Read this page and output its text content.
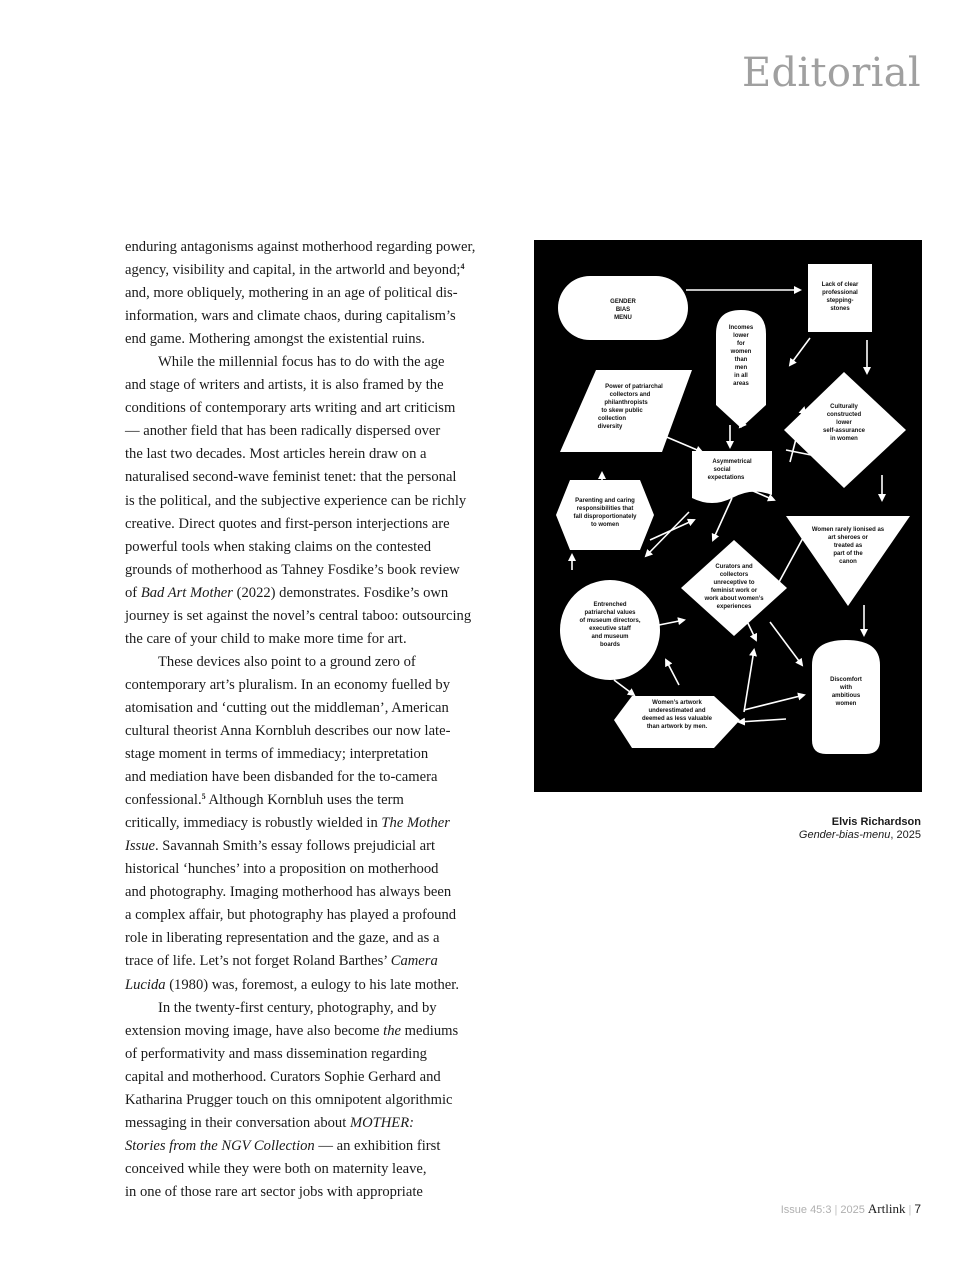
Editorial
enduring antagonisms against motherhood regarding power,
agency, visibility and capital, in the artworld and beyond;$^4$
and, more obliquely, mothering in an age of political dis-
information, wars and climate chaos, during capitalism’s
end game. Mothering amongst the existential ruins.
While the millennial focus has to do with the age
and stage of writers and artists, it is also framed by the
conditions of contemporary arts writing and art criticism
— another field that has been radically dispersed over
the last two decades. Most articles herein draw on a
naturalised second-wave feminist tenet: that the personal
is the political, and the subjective experience can be richly
creative. Direct quotes and first-person interjections are
powerful tools when staking claims on the contested
grounds of motherhood as Tahney Fosdike’s book review
of Bad Art Mother (2022) demonstrates. Fosdike’s own
journey is set against the novel’s central taboo: outsourcing
the care of your child to make more time for art.
These devices also point to a ground zero of
contemporary art’s pluralism. In an economy fuelled by
atomisation and ‘cutting out the middleman’, American
cultural theorist Anna Kornbluh describes our now late-
stage moment in terms of immediacy; interpretation
and mediation have been disbanded for the to-camera
confessional.$^5$ Although Kornbluh uses the term
critically, immediacy is robustly wielded in The Mother
Issue. Savannah Smith’s essay follows prejudicial art
historical ‘hunches’ into a proposition on motherhood
and photography. Imaging motherhood has always been
a complex affair, but photography has played a profound
role in liberating representation and the gaze, and as a
trace of life. Let’s not forget Roland Barthes’ Camera
Lucida (1980) was, foremost, a eulogy to his late mother.
In the twenty-first century, photography, and by
extension moving image, have also become the mediums
of performativity and mass dissemination regarding
capital and motherhood. Curators Sophie Gerhard and
Katharina Prugger touch on this omnipotent algorithmic
messaging in their conversation about MOTHER:
Stories from the NGV Collection — an exhibition first
conceived while they were both on maternity leave,
in one of those rare art sector jobs with appropriate
GENDER BIAS MENU
Lack of clear professional stepping-stones
Incomes lower for women than men in all areas
Power of patriarchal collectors and philanthropists to skew public collection diversity
Culturally constructed lower self-assurance in women
Asymmetrical social expectations
Parenting and caring responsibilities that fall disproportionately to women
Women rarely lionised as art sheroes or treated as part of the canon
Curators and collectors unreceptive to feminist work or work about women’s experiences
Entrenched patriarchal values of museum directors, executive staff and museum boards
Discomfort with ambitious women
Women’s artwork underestimated and deemed as less valuable than artwork by men.
Elvis Richardson
Gender-bias-menu, 2025
Issue 45:3 | 2025 Artlink | 7
